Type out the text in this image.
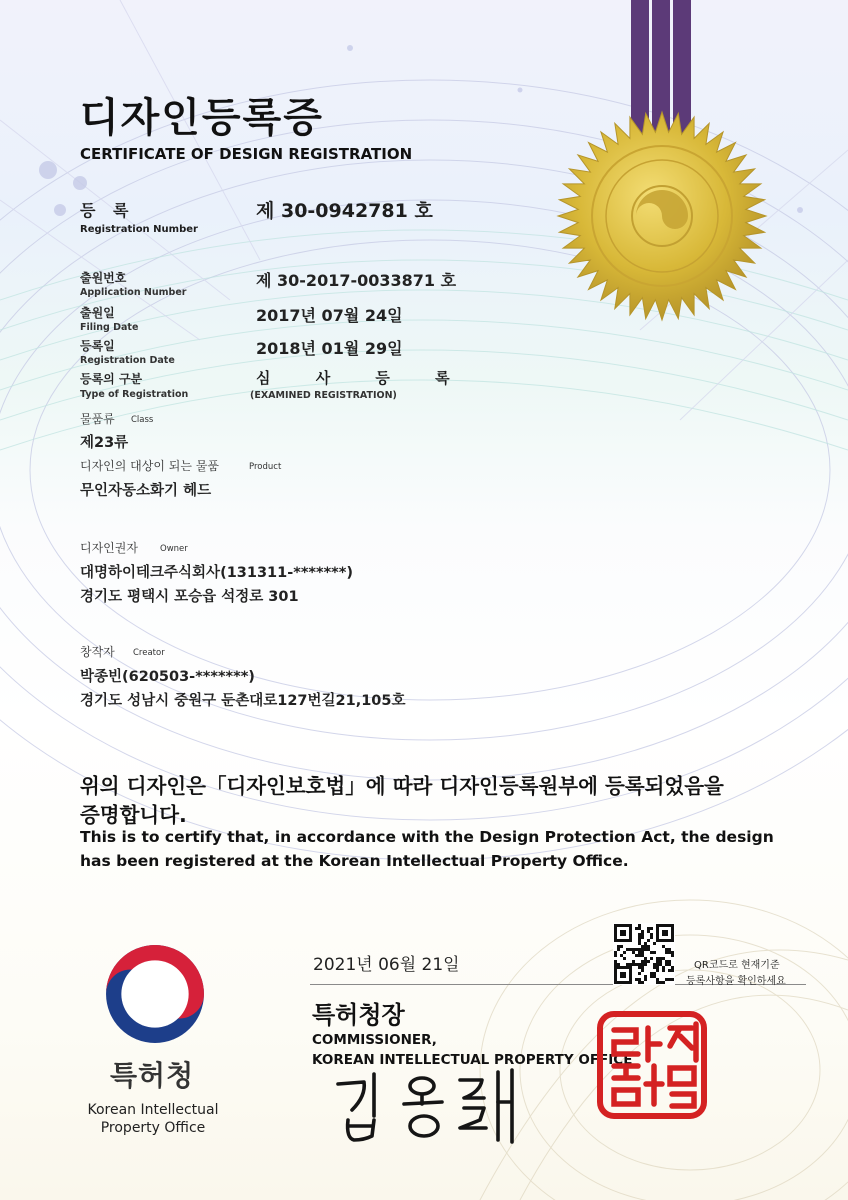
디자인등록증
CERTIFICATE OF DESIGN REGISTRATION
등 록
Registration Number
제 30-0942781 호
출원번호
Application Number
제 30-2017-0033871 호
출원일
Filing Date
2017년 07월 24일
등록일
Registration Date
2018년 01월 29일
등록의 구분
Type of Registration
심 사 등 록
(EXAMINED REGISTRATION)
물품류 Class
제23류
디자인의 대상이 되는 물품	Product
무인자동소화기 헤드
디자인권자	Owner
대명하이테크주식회사(131311-*******)
경기도 평택시 포승읍 석정로 301
창작자 Creator
박종빈(620503-*******)
경기도 성남시 중원구 둔촌대로127번길21,105호
위의 디자인은「디자인보호법」에 따라 디자인등록원부에 등록되었음을
증명합니다.
This is to certify that, in accordance with the Design Protection Act, the design
has been registered at the Korean Intellectual Property Office.
특허청
Korean Intellectual
Property Office
2021년 06월 21일
특허청장
COMMISSIONER,
KOREAN INTELLECTUAL PROPERTY OFFICE
QR코드로 현재기준
등록사항을 확인하세요
